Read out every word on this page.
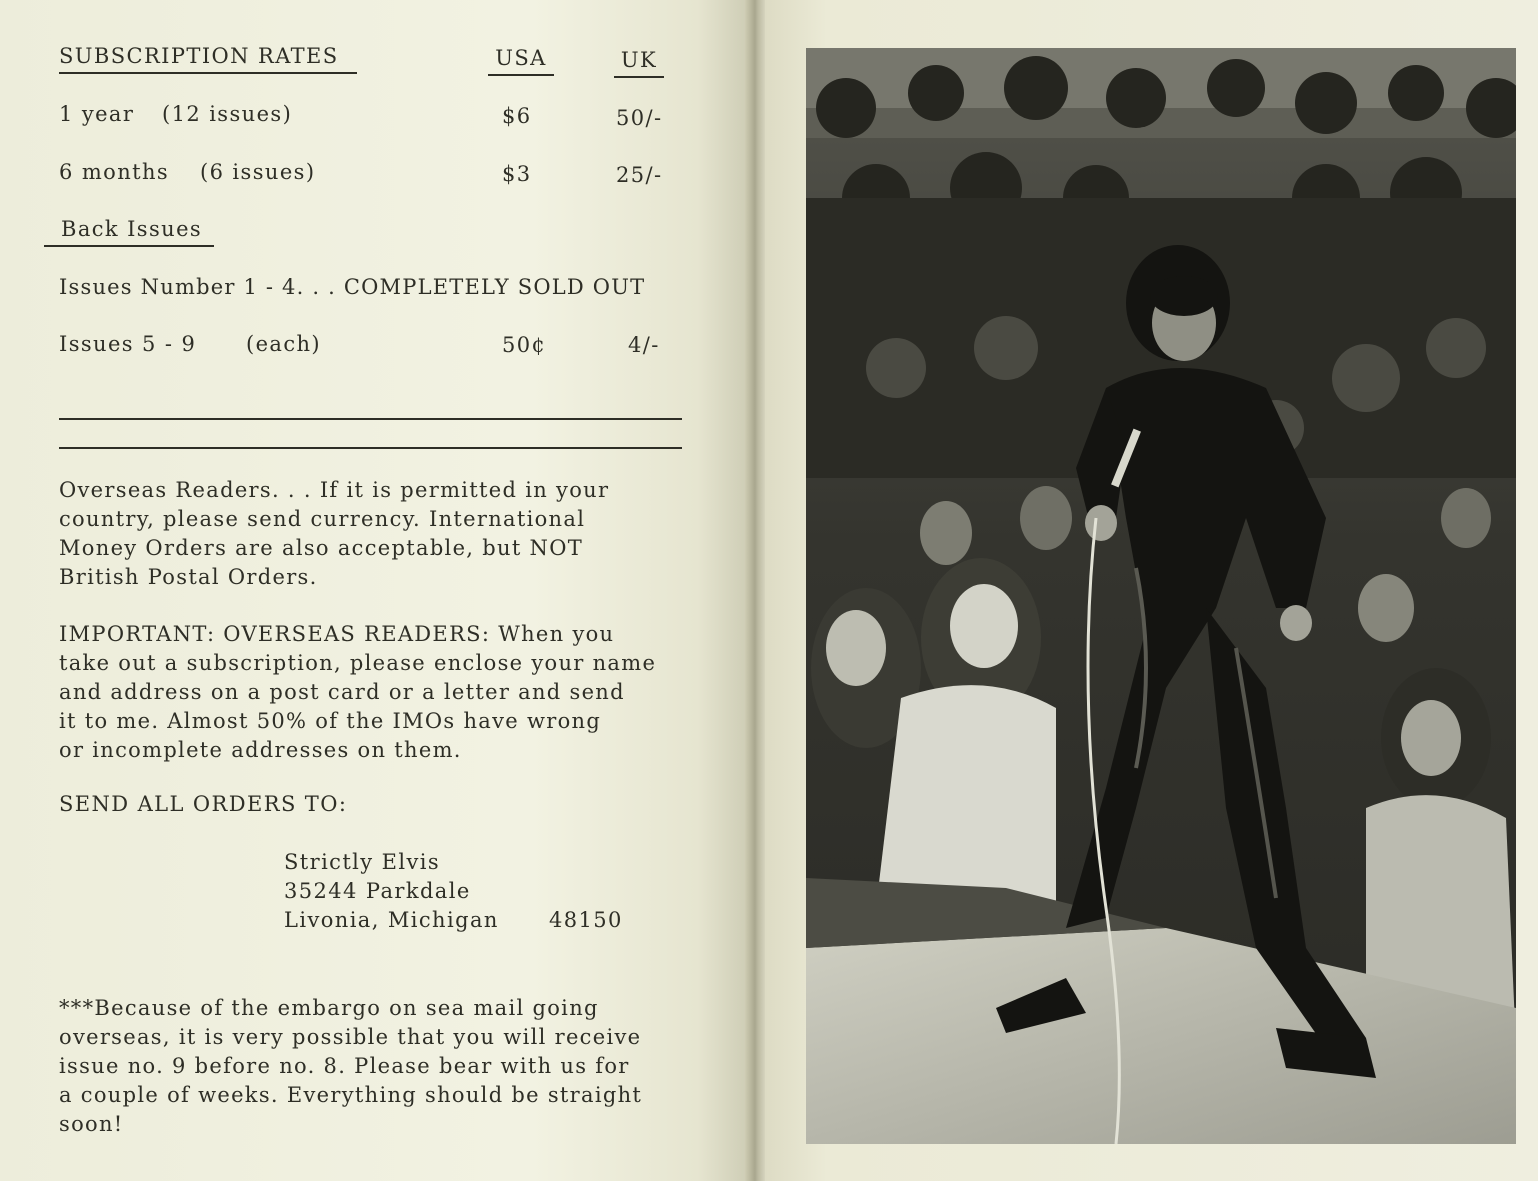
SUBSCRIPTION RATES	USA	UK
1 year (12 issues)	$6	50/-
6 months (6 issues)	$3	25/-
Back Issues
Issues Number 1 - 4. . . COMPLETELY SOLD OUT
Issues 5 - 9 (each)	50¢	4/-

Overseas Readers. . . If it is permitted in your
country, please send currency. International
Money Orders are also acceptable, but NOT
British Postal Orders.

IMPORTANT: OVERSEAS READERS: When you
take out a subscription, please enclose your name
and address on a post card or a letter and send
it to me. Almost 50% of the IMOs have wrong
or incomplete addresses on them.

SEND ALL ORDERS TO:
Strictly Elvis
35244 Parkdale
Livonia, Michigan 48150

***Because of the embargo on sea mail going
overseas, it is very possible that you will receive
issue no. 9 before no. 8. Please bear with us for
a couple of weeks. Everything should be straight
soon!
